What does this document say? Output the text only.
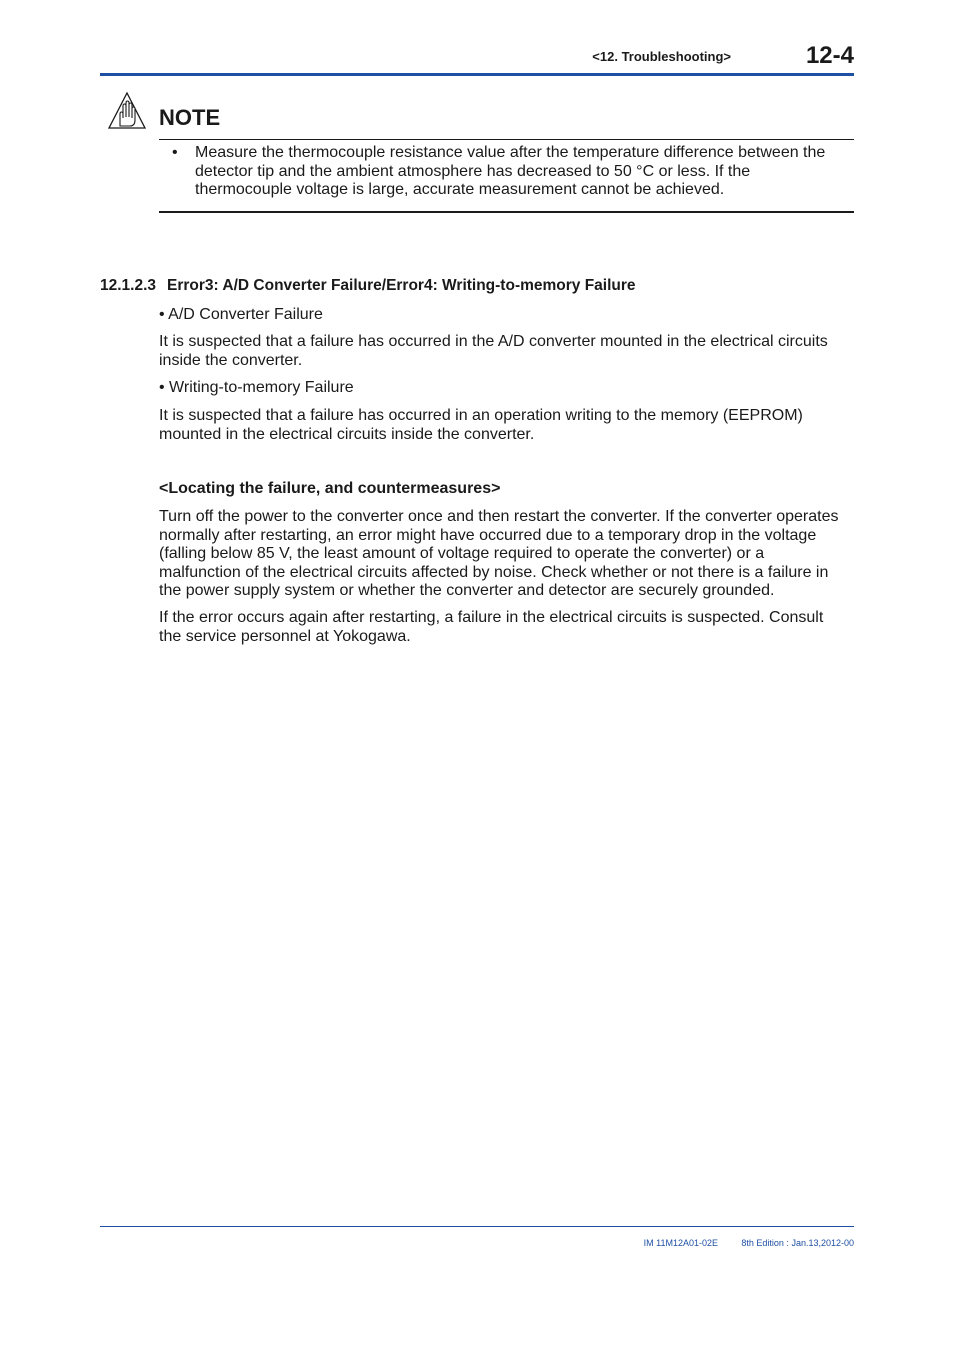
<12. Troubleshooting>	12-4
NOTE
• Measure the thermocouple resistance value after the temperature difference between the detector tip and the ambient atmosphere has decreased to 50 °C or less. If the thermocouple voltage is large, accurate measurement cannot be achieved.
12.1.2.3 Error3: A/D Converter Failure/Error4: Writing-to-memory Failure

• A/D Converter Failure

It is suspected that a failure has occurred in the A/D converter mounted in the electrical circuits inside the converter.

• Writing-to-memory Failure

It is suspected that a failure has occurred in an operation writing to the memory (EEPROM) mounted in the electrical circuits inside the converter.

<Locating the failure, and countermeasures>

Turn off the power to the converter once and then restart the converter. If the converter operates normally after restarting, an error might have occurred due to a temporary drop in the voltage (falling below 85 V, the least amount of voltage required to operate the converter) or a malfunction of the electrical circuits affected by noise. Check whether or not there is a failure in the power supply system or whether the converter and detector are securely grounded.

If the error occurs again after restarting, a failure in the electrical circuits is suspected. Consult the service personnel at Yokogawa.

IM 11M12A01-02E	8th Edition : Jan.13,2012-00
